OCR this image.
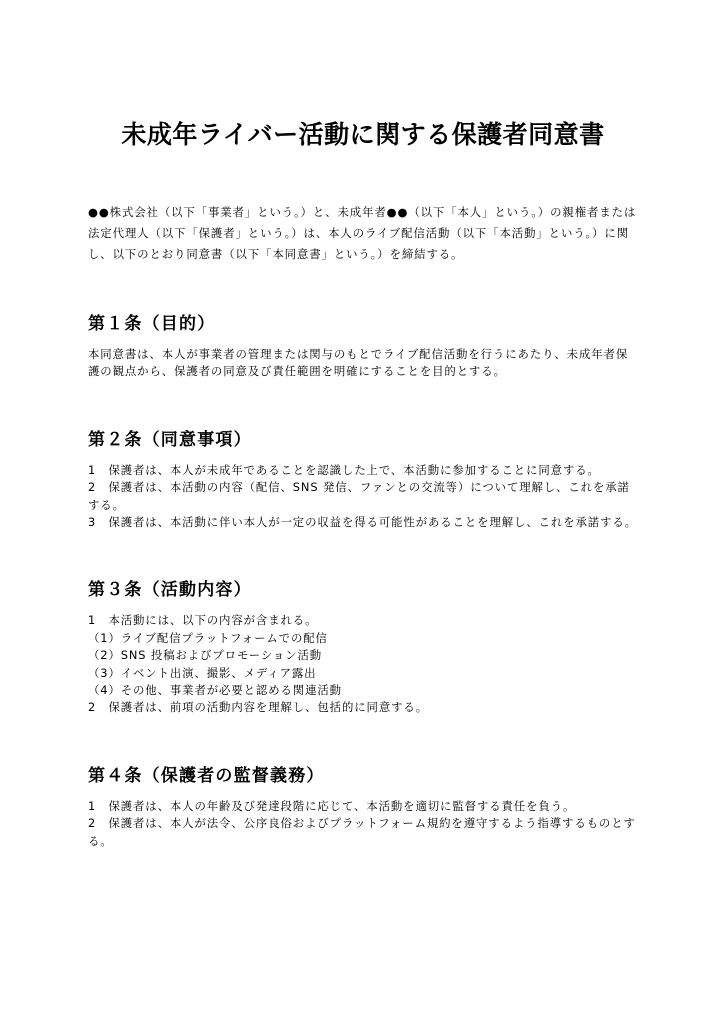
未成年ライバー活動に関する保護者同意書
●●株式会社（以下「事業者」という。）と、未成年者●●（以下「本人」という。）の親権者または法定代理人（以下「保護者」という。）は、本人のライブ配信活動（以下「本活動」という。）に関し、以下のとおり同意書（以下「本同意書」という。）を締結する。
第１条（目的）

本同意書は、本人が事業者の管理または関与のもとでライブ配信活動を行うにあたり、未成年者保護の観点から、保護者の同意及び責任範囲を明確にすることを目的とする。

第２条（同意事項）

1　保護者は、本人が未成年であることを認識した上で、本活動に参加することに同意する。

2　保護者は、本活動の内容（配信、SNS 発信、ファンとの交流等）について理解し、これを承諾する。

3　保護者は、本活動に伴い本人が一定の収益を得る可能性があることを理解し、これを承諾する。

第３条（活動内容）

1　本活動には、以下の内容が含まれる。

（1）ライブ配信プラットフォームでの配信

（2）SNS 投稿およびプロモーション活動

（3）イベント出演、撮影、メディア露出

（4）その他、事業者が必要と認める関連活動

2　保護者は、前項の活動内容を理解し、包括的に同意する。

第４条（保護者の監督義務）

1　保護者は、本人の年齢及び発達段階に応じて、本活動を適切に監督する責任を負う。

2　保護者は、本人が法令、公序良俗およびプラットフォーム規約を遵守するよう指導するものとする。
